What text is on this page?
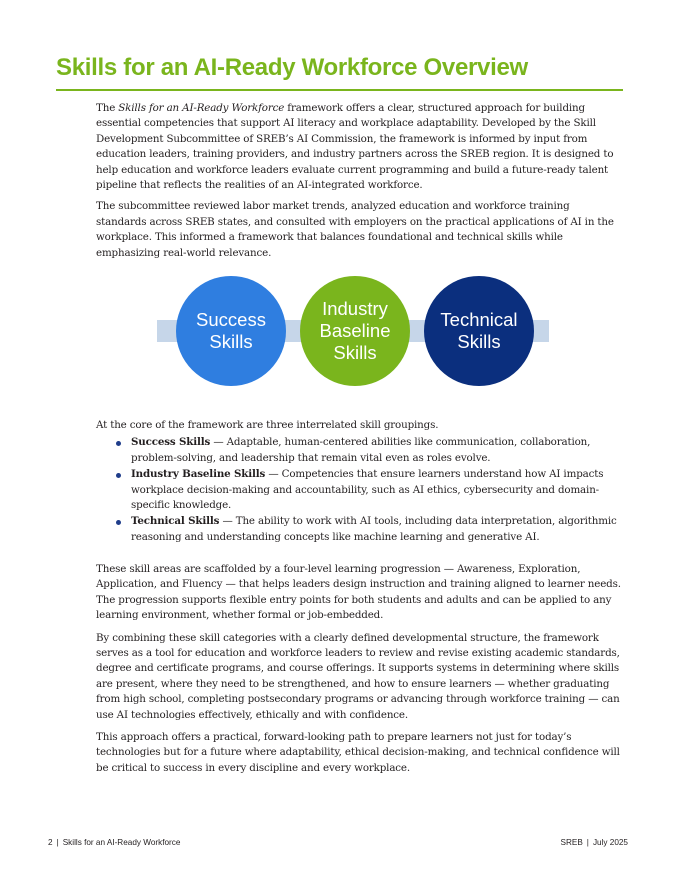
Skills for an AI-Ready Workforce Overview

The Skills for an AI-Ready Workforce framework offers a clear, structured approach for building essential competencies that support AI literacy and workplace adaptability. Developed by the Skill Development Subcommittee of SREB’s AI Commission, the framework is informed by input from education leaders, training providers, and industry partners across the SREB region. It is designed to help education and workforce leaders evaluate current programming and build a future-ready talent pipeline that reflects the realities of an AI-integrated workforce.

The subcommittee reviewed labor market trends, analyzed education and workforce training standards across SREB states, and consulted with employers on the practical applications of AI in the workplace. This informed a framework that balances foundational and technical skills while emphasizing real-world relevance.

Success
Skills
Industry
Baseline
Skills
Technical
Skills

At the core of the framework are three interrelated skill groupings.

Success Skills — Adaptable, human-centered abilities like communication, collaboration, problem-solving, and leadership that remain vital even as roles evolve.
Industry Baseline Skills — Competencies that ensure learners understand how AI impacts workplace decision-making and accountability, such as AI ethics, cybersecurity and domain-specific knowledge.
Technical Skills — The ability to work with AI tools, including data interpretation, algorithmic reasoning and understanding concepts like machine learning and generative AI.

These skill areas are scaffolded by a four-level learning progression — Awareness, Exploration, Application, and Fluency — that helps leaders design instruction and training aligned to learner needs. The progression supports flexible entry points for both students and adults and can be applied to any learning environment, whether formal or job-embedded.

By combining these skill categories with a clearly defined developmental structure, the framework serves as a tool for education and workforce leaders to review and revise existing academic standards, degree and certificate programs, and course offerings. It supports systems in determining where skills are present, where they need to be strengthened, and how to ensure learners — whether graduating from high school, completing postsecondary programs or advancing through workforce training — can use AI technologies effectively, ethically and with confidence.

This approach offers a practical, forward-looking path to prepare learners not just for today’s technologies but for a future where adaptability, ethical decision-making, and technical confidence will be critical to success in every discipline and every workplace.

2 | Skills for an AI-Ready Workforce	SREB | July 2025
